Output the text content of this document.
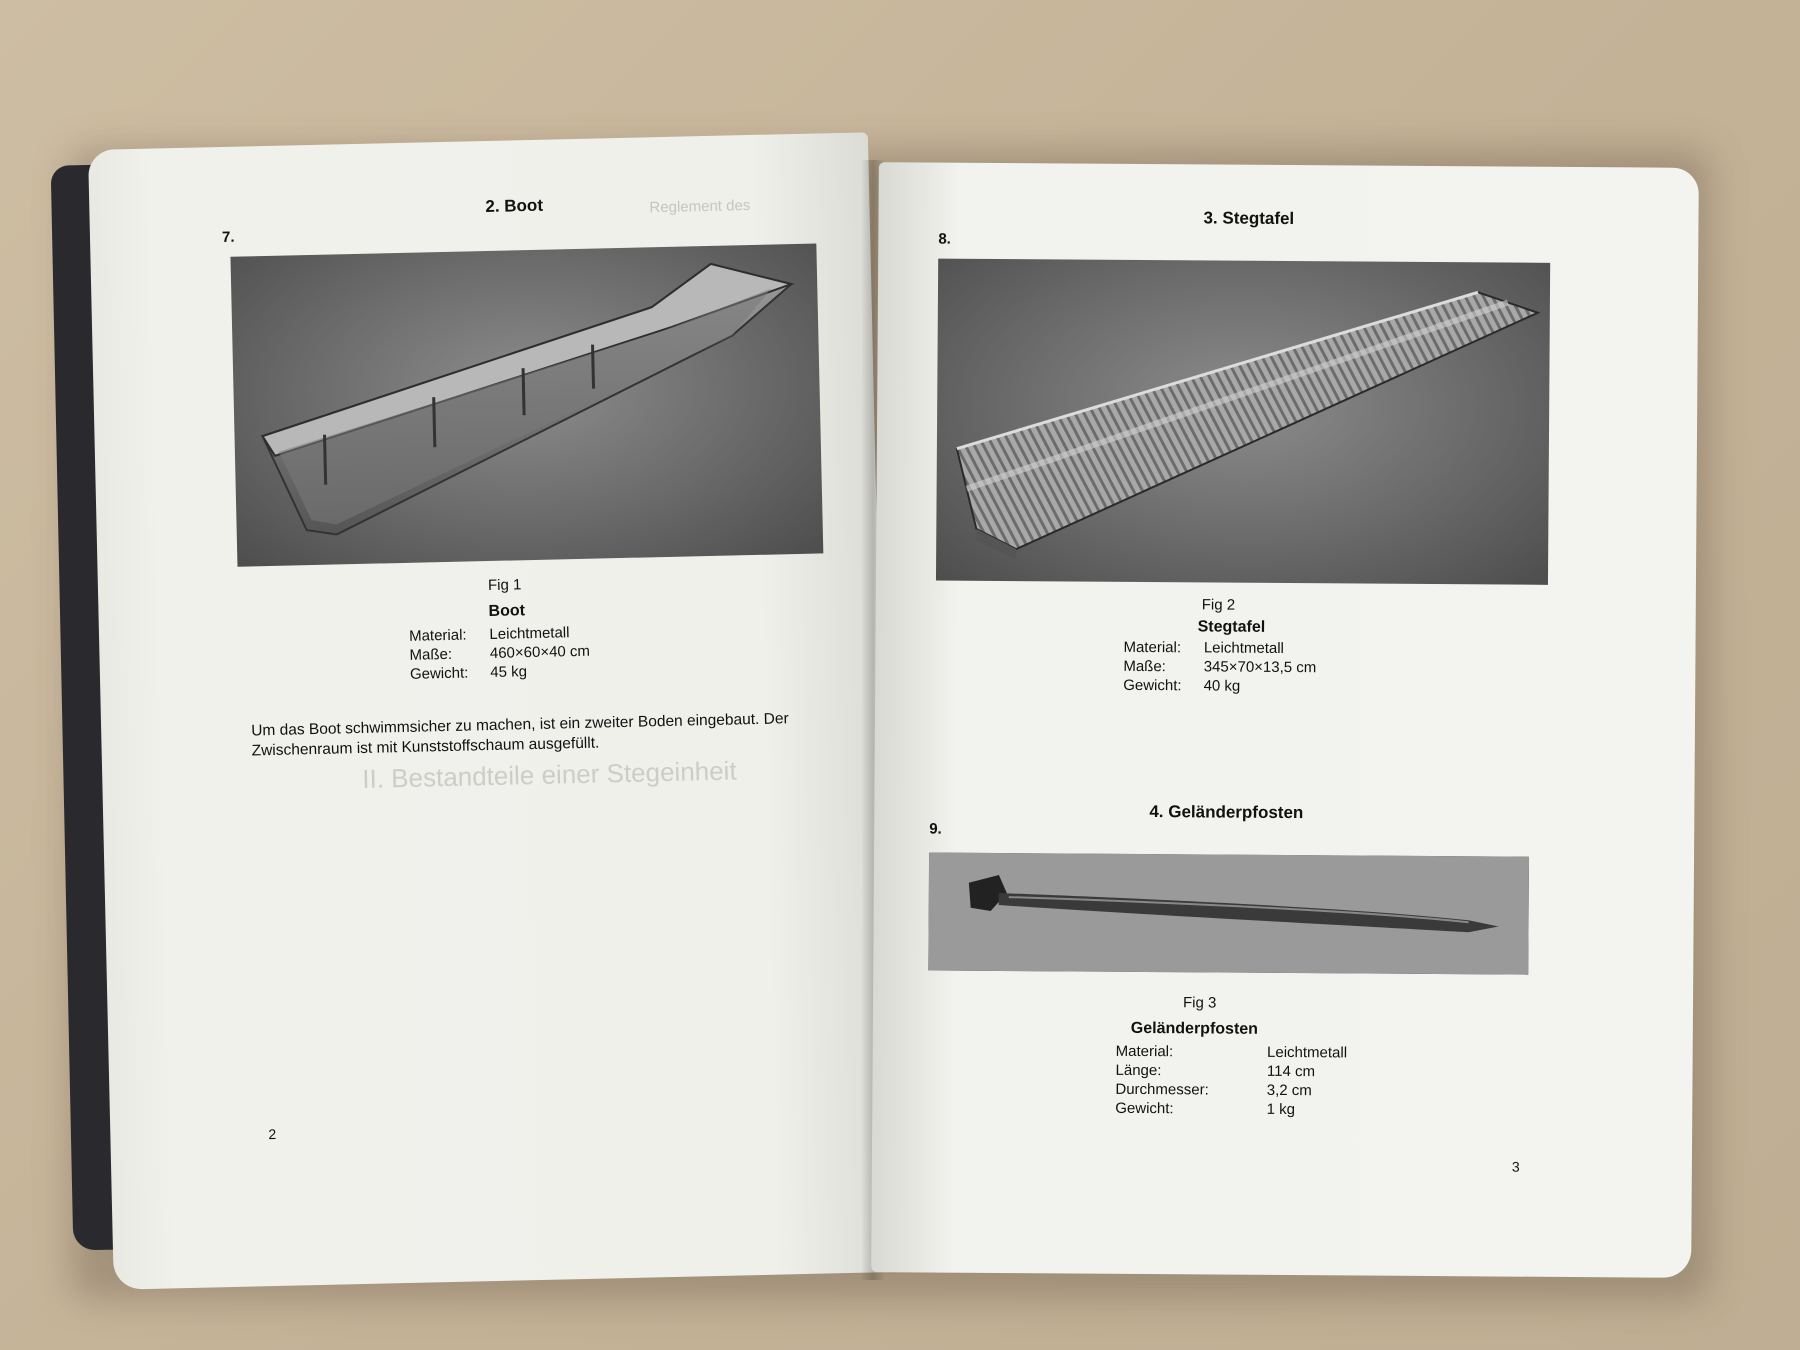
Reglement des
II. Bestandteile einer Stegeinheit
2. Boot
7.
Fig 1
Boot
Material:	Leichtmetall
Maße:	460×60×40 cm
Gewicht:	45 kg
Um das Boot schwimmsicher zu machen, ist ein zweiter Boden eingebaut. Der
Zwischenraum ist mit Kunststoffschaum ausgefüllt.
2
3. Stegtafel
8.
Fig 2
Stegtafel
Material:	Leichtmetall
Maße:	345×70×13,5 cm
Gewicht:	40 kg
4. Geländerpfosten
9.
Fig 3
Geländerpfosten
Material:	Leichtmetall
Länge:	114 cm
Durchmesser:	3,2 cm
Gewicht:	1 kg
3
